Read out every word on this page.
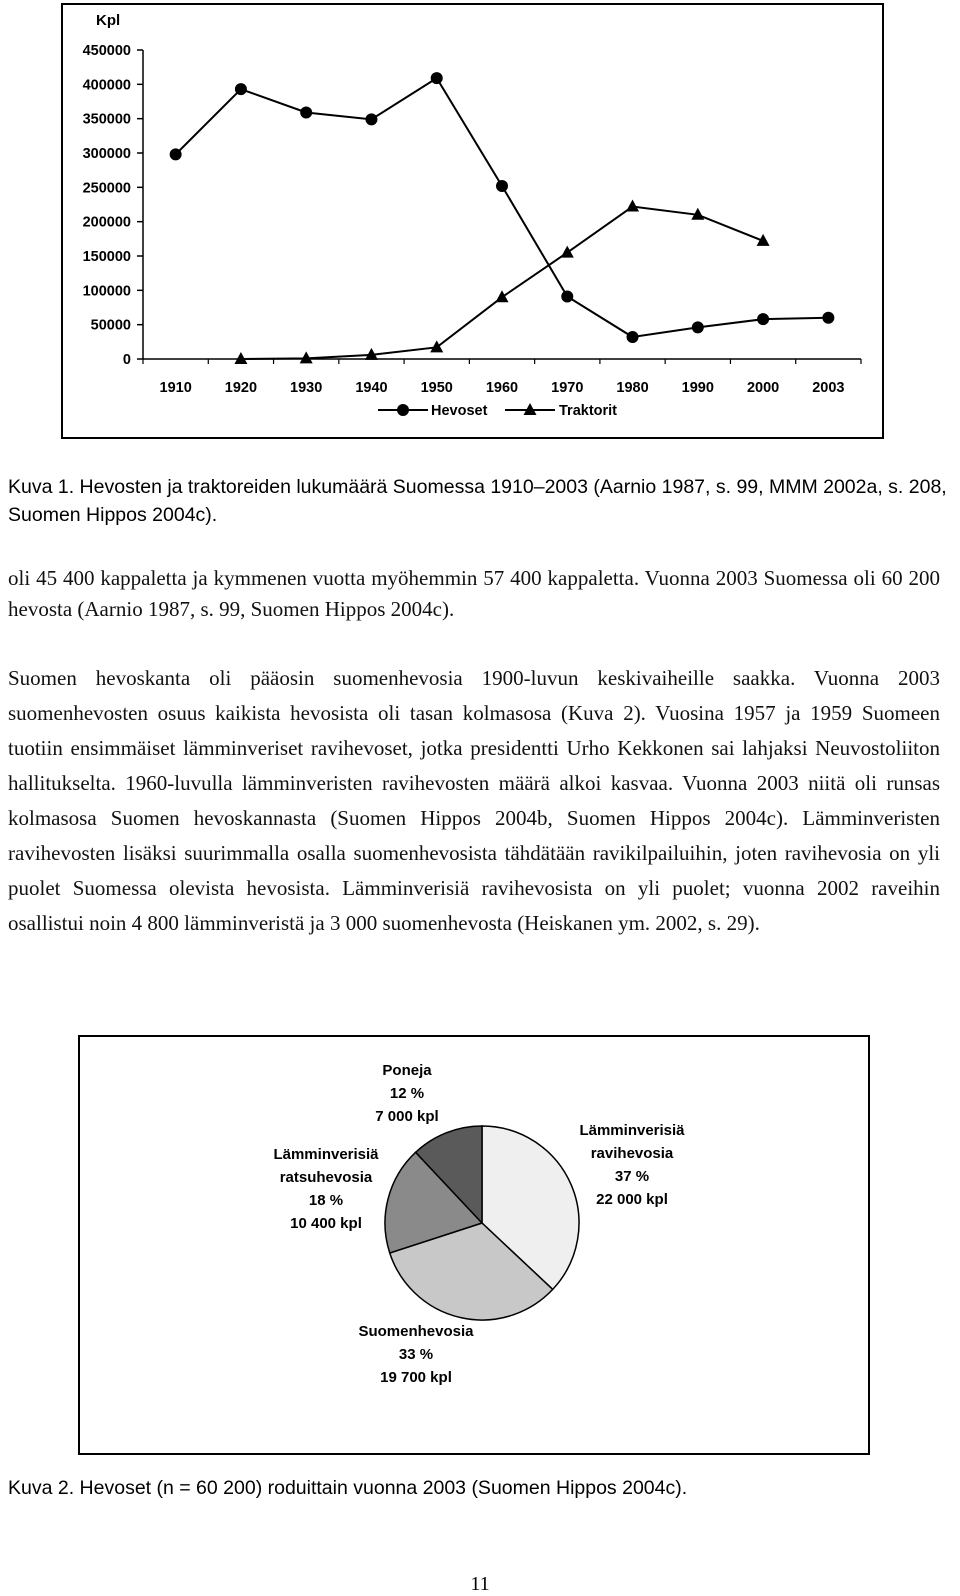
Kpl
450000
400000
350000
300000
250000
200000
150000
100000
50000
0
1910 1920 1930 1940 1950 1960 1970 1980 1990 2000 2003
Hevoset	Traktorit

Kuva 1. Hevosten ja traktoreiden lukumäärä Suomessa 1910–2003 (Aarnio 1987, s. 99, MMM 2002a, s. 208, Suomen Hippos 2004c).

oli 45 400 kappaletta ja kymmenen vuotta myöhemmin 57 400 kappaletta. Vuonna 2003 Suomessa oli 60 200 hevosta (Aarnio 1987, s. 99, Suomen Hippos 2004c).

Suomen hevoskanta oli pääosin suomenhevosia 1900-luvun keskivaiheille saakka. Vuonna 2003 suomenhevosten osuus kaikista hevosista oli tasan kolmasosa (Kuva 2). Vuosina 1957 ja 1959 Suomeen tuotiin ensimmäiset lämminveriset ravihevoset, jotka presidentti Urho Kekkonen sai lahjaksi Neuvostoliiton hallitukselta. 1960-luvulla lämminveristen ravihevosten määrä alkoi kasvaa. Vuonna 2003 niitä oli runsas kolmasosa Suomen hevoskannasta (Suomen Hippos 2004b, Suomen Hippos 2004c). Lämminveristen ravihevosten lisäksi suurimmalla osalla suomenhevosista tähdätään ravikilpailuihin, joten ravihevosia on yli puolet Suomessa olevista hevosista. Lämminverisiä ravihevosista on yli puolet; vuonna 2002 raveihin osallistui noin 4 800 lämminveristä ja 3 000 suomenhevosta (Heiskanen ym. 2002, s. 29).

Lämminverisiä ravihevosia 37 % 22 000 kpl
Suomenhevosia 33 % 19 700 kpl
Lämminverisiä ratsuhevosia 18 % 10 400 kpl
Poneja 12 % 7 000 kpl

Kuva 2. Hevoset (n = 60 200) roduittain vuonna 2003 (Suomen Hippos 2004c).

11
